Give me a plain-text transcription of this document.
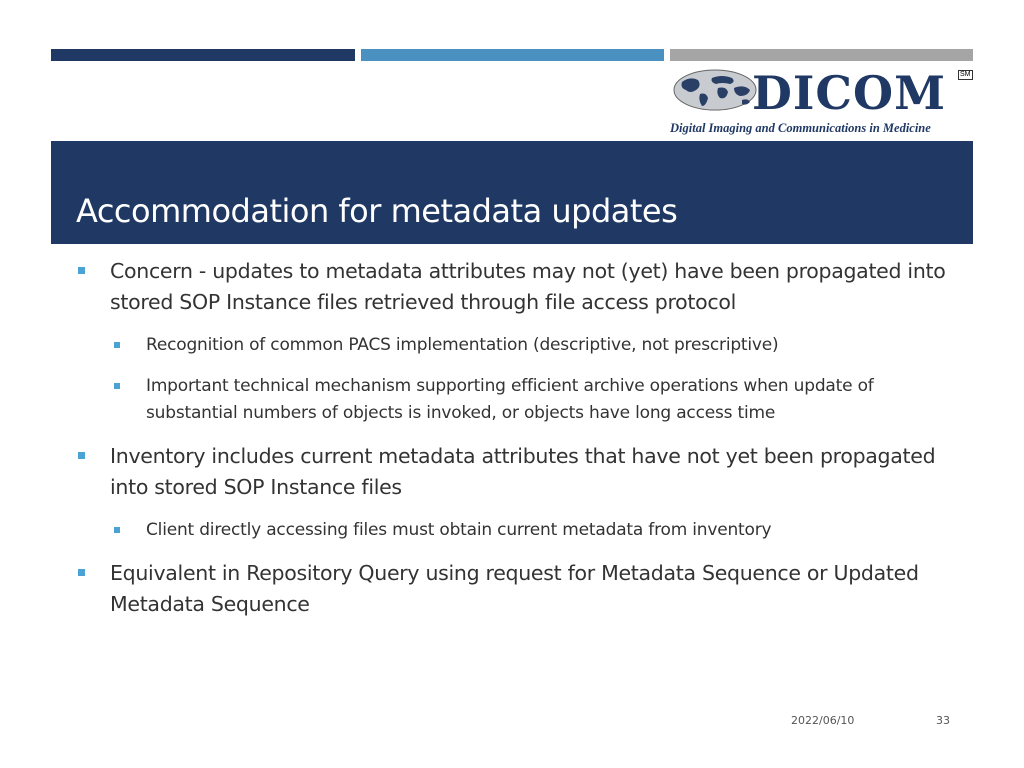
DICOM SM
Digital Imaging and Communications in Medicine
Accommodation for metadata updates
Concern - updates to metadata attributes may not (yet) have been propagated into stored SOP Instance files retrieved through file access protocol
Recognition of common PACS implementation (descriptive, not prescriptive)
Important technical mechanism supporting efficient archive operations when update of substantial numbers of objects is invoked, or objects have long access time
Inventory includes current metadata attributes that have not yet been propagated into stored SOP Instance files
Client directly accessing files must obtain current metadata from inventory
Equivalent in Repository Query using request for Metadata Sequence or Updated Metadata Sequence
2022/06/10	33
